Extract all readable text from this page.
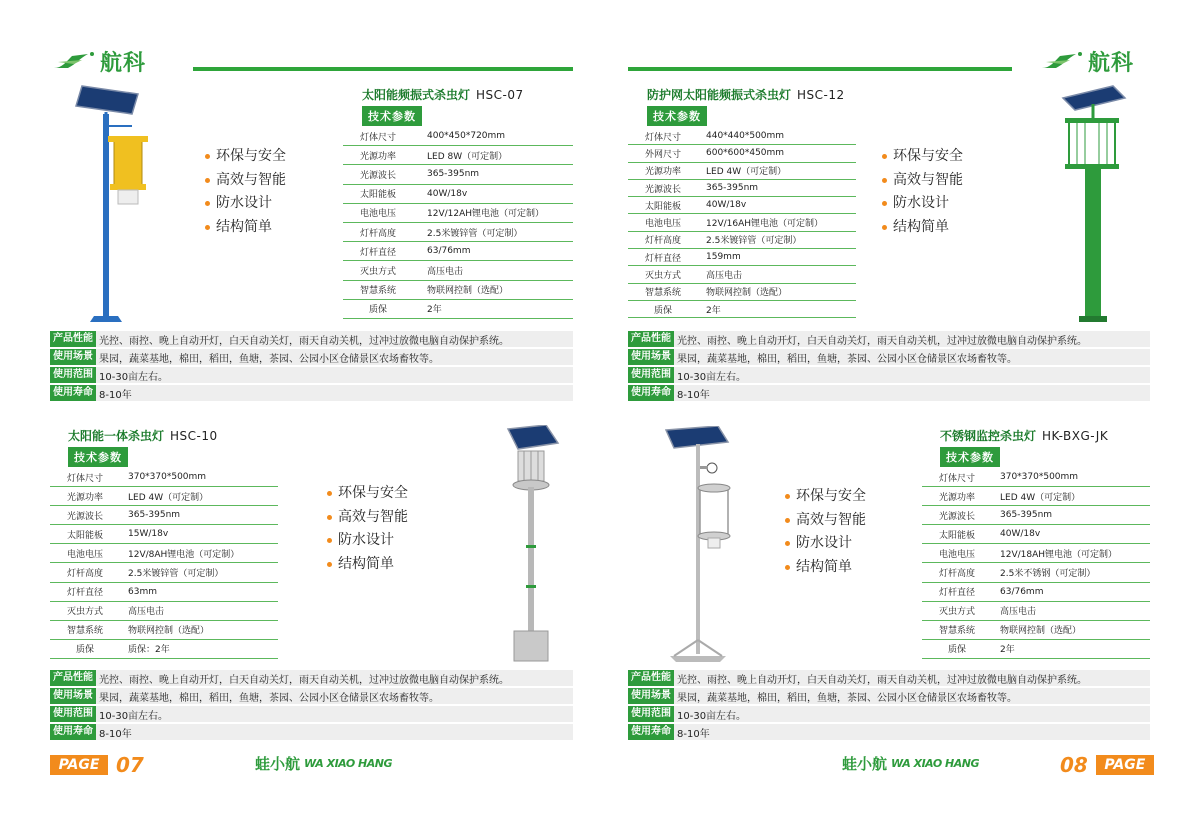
航科	航科
环保与安全
高效与智能
防水设计
结构简单
太阳能频振式杀虫灯 HSC-07
技术参数
灯体尺寸	400*450*720mm
光源功率	LED 8W（可定制）
光源波长	365-395nm
太阳能板	40W/18v
电池电压	12V/12AH锂电池（可定制）
灯杆高度	2.5米镀锌管（可定制）
灯杆直径	63/76mm
灭虫方式	高压电击
智慧系统	物联网控制（选配）
质保	2年
产品性能 光控、雨控、晚上自动开灯，白天自动关灯，雨天自动关机，过冲过放微电脑自动保护系统。
使用场景 果园，蔬菜基地，棉田，稻田，鱼塘，茶园、公园小区仓储景区农场畜牧等。
使用范围 10-30亩左右。
使用寿命 8-10年
防护网太阳能频振式杀虫灯 HSC-12
技术参数
灯体尺寸	440*440*500mm
外网尺寸	600*600*450mm
光源功率	LED 4W（可定制）
光源波长	365-395nm
太阳能板	40W/18v
电池电压	12V/16AH锂电池（可定制）
灯杆高度	2.5米镀锌管（可定制）
灯杆直径	159mm
灭虫方式	高压电击
智慧系统	物联网控制（选配）
质保	2年
环保与安全
高效与智能
防水设计
结构简单
产品性能 光控、雨控、晚上自动开灯，白天自动关灯，雨天自动关机，过冲过放微电脑自动保护系统。
使用场景 果园，蔬菜基地，棉田，稻田，鱼塘，茶园、公园小区仓储景区农场畜牧等。
使用范围 10-30亩左右。
使用寿命 8-10年
太阳能一体杀虫灯 HSC-10
技术参数
灯体尺寸	370*370*500mm
光源功率	LED 4W（可定制）
光源波长	365-395nm
太阳能板	15W/18v
电池电压	12V/8AH锂电池（可定制）
灯杆高度	2.5米镀锌管（可定制）
灯杆直径	63mm
灭虫方式	高压电击
智慧系统	物联网控制（选配）
质保	质保：2年
环保与安全
高效与智能
防水设计
结构简单
产品性能 光控、雨控、晚上自动开灯，白天自动关灯，雨天自动关机，过冲过放微电脑自动保护系统。
使用场景 果园，蔬菜基地，棉田，稻田，鱼塘，茶园、公园小区仓储景区农场畜牧等。
使用范围 10-30亩左右。
使用寿命 8-10年
环保与安全
高效与智能
防水设计
结构简单
不锈钢监控杀虫灯 HK-BXG-JK
技术参数
灯体尺寸	370*370*500mm
光源功率	LED 4W（可定制）
光源波长	365-395nm
太阳能板	40W/18v
电池电压	12V/18AH锂电池（可定制）
灯杆高度	2.5米不锈钢（可定制）
灯杆直径	63/76mm
灭虫方式	高压电击
智慧系统	物联网控制（选配）
质保	2年
产品性能 光控、雨控、晚上自动开灯，白天自动关灯，雨天自动关机，过冲过放微电脑自动保护系统。
使用场景 果园，蔬菜基地，棉田，稻田，鱼塘，茶园、公园小区仓储景区农场畜牧等。
使用范围 10-30亩左右。
使用寿命 8-10年
PAGE 07	蛙小航 WA XIAO HANG	蛙小航 WA XIAO HANG	08	PAGE
